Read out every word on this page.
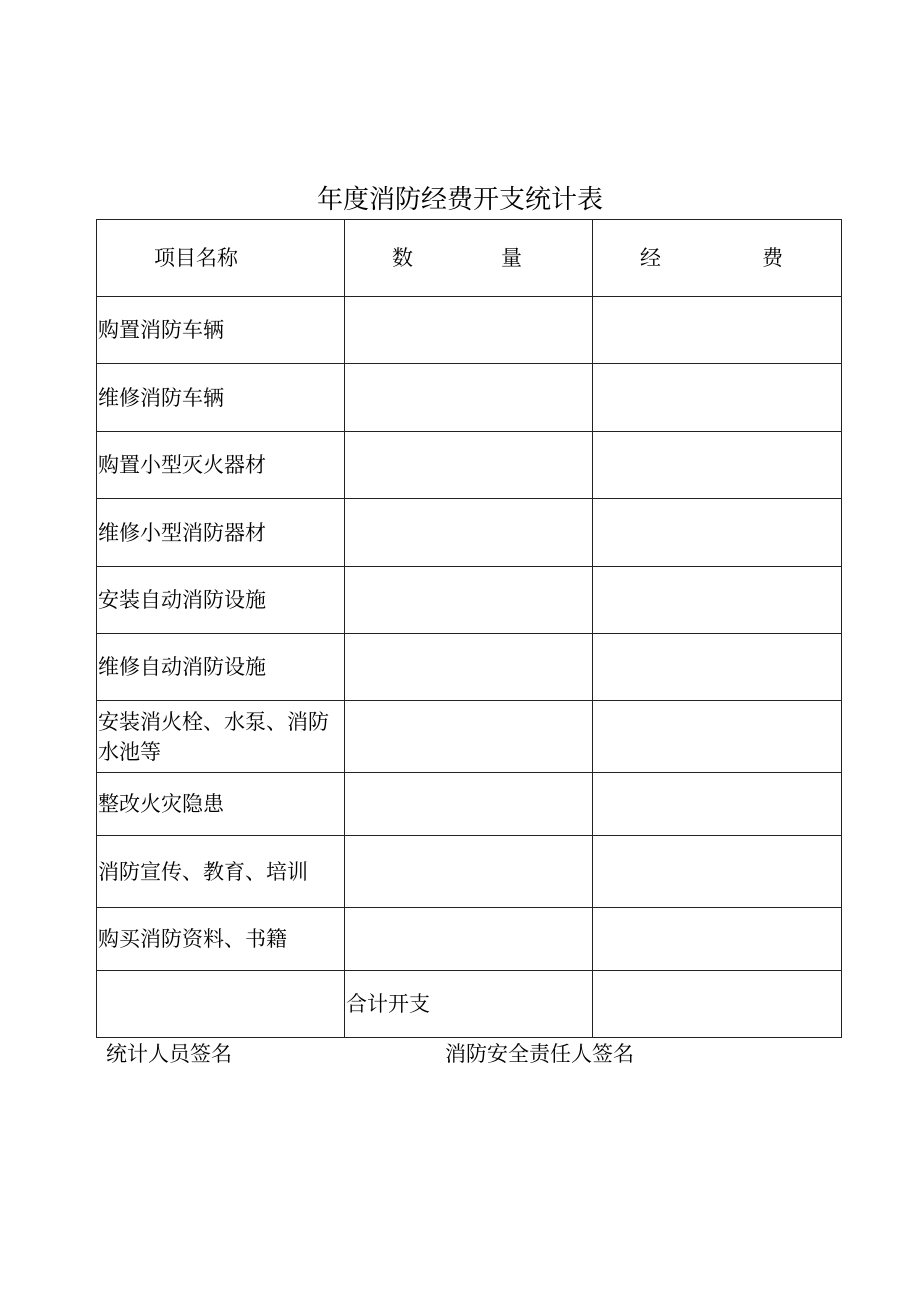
年度消防经费开支统计表
项目名称	数 量	经 费

购置消防车辆		
维修消防车辆		
购置小型灭火器材		
维修小型消防器材		
安装自动消防设施		
维修自动消防设施		
安装消火栓、水泵、消防水池等		
整改火灾隐患		
消防宣传、教育、培训		
购买消防资料、书籍		
	合计开支	
统计人员签名	消防安全责任人签名
